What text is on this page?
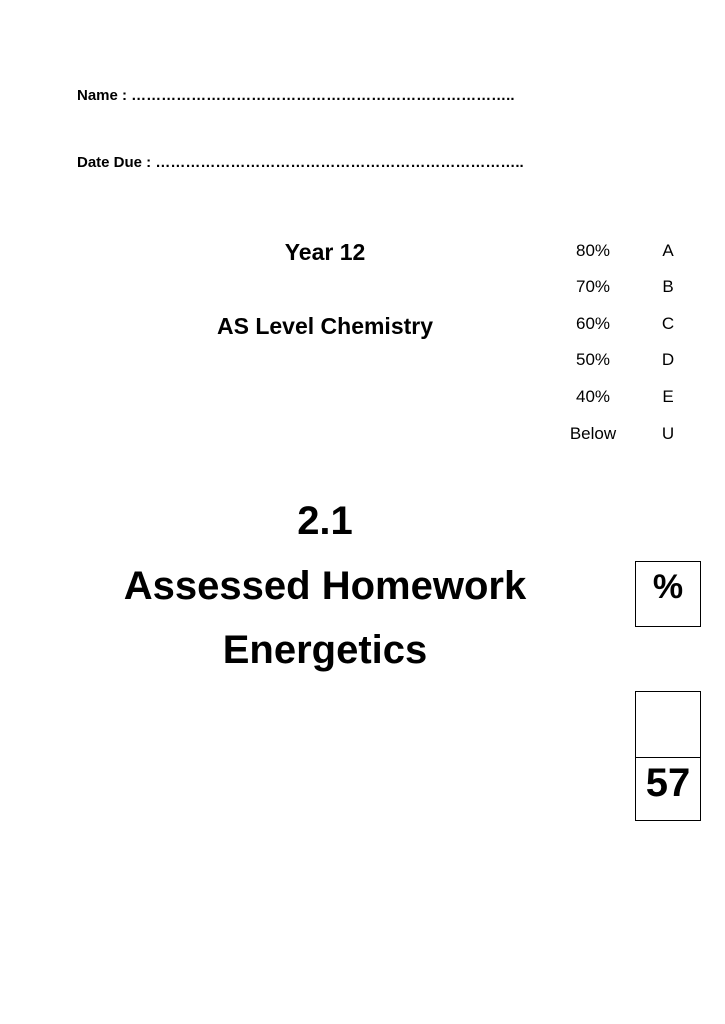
Name : …………………………………………………………………..
Date Due : ………………………………………………………………..
Year 12
AS Level Chemistry
80%	A
70%	B
60%	C
50%	D
40%	E
Below	U
2.1
Assessed Homework
Energetics
%
57
